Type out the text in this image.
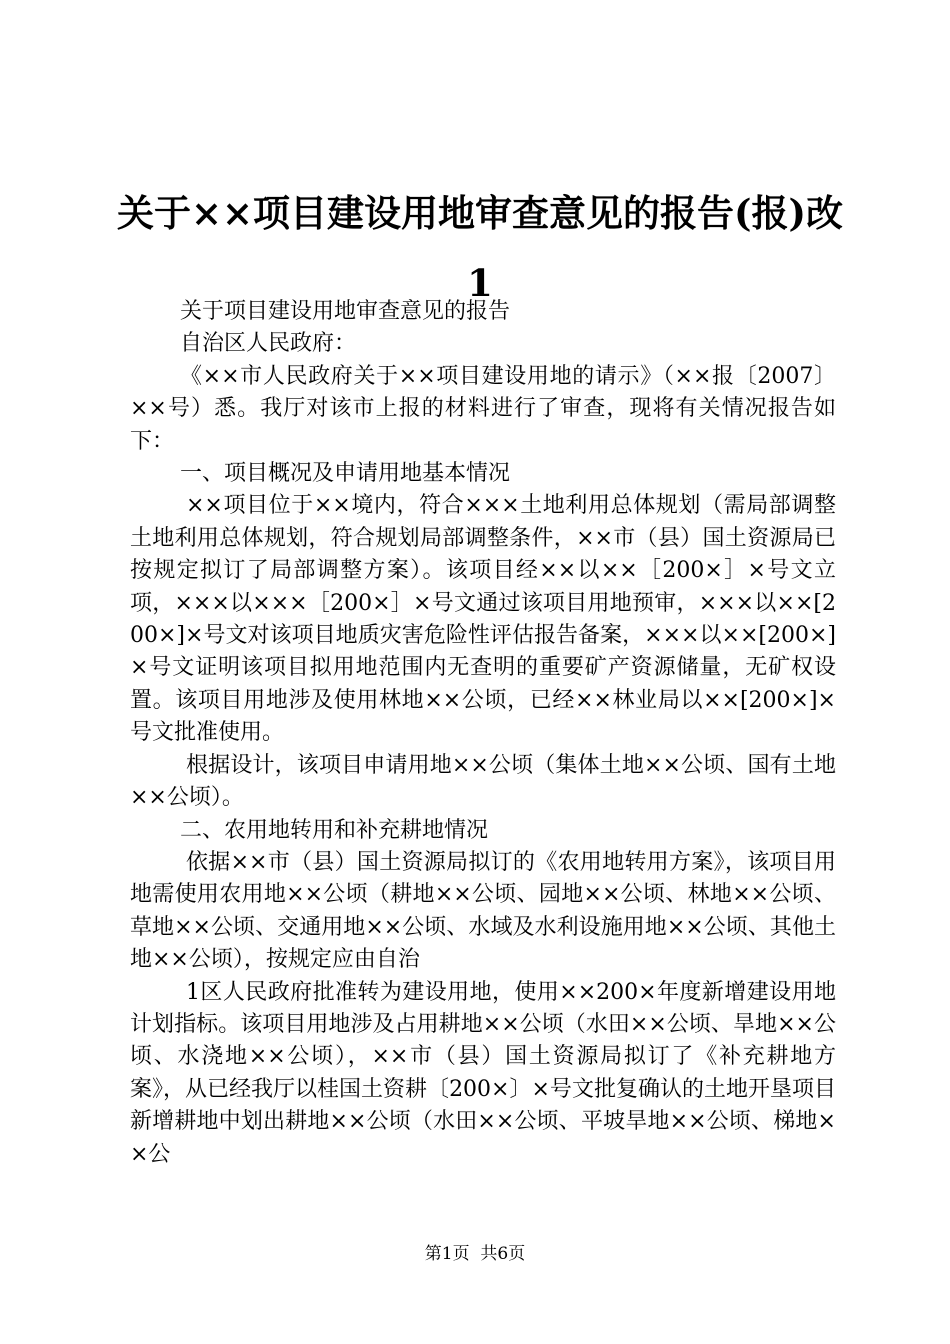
关于××项目建设用地审查意见的报告(报)改
1

关于项目建设用地审查意见的报告

自治区人民政府：

《××市人民政府关于××项目建设用地的请示》（××报〔2007〕××号）悉。我厅对该市上报的材料进行了审查，现将有关情况报告如下：

一、项目概况及申请用地基本情况

××项目位于××境内，符合×××土地利用总体规划（需局部调整土地利用总体规划，符合规划局部调整条件，××市（县）国土资源局已按规定拟订了局部调整方案）。该项目经××以××［200×］×号文立项，×××以×××［200×］×号文通过该项目用地预审，×××以××[200×]×号文对该项目地质灾害危险性评估报告备案，×××以××[200×]×号文证明该项目拟用地范围内无查明的重要矿产资源储量，无矿权设置。该项目用地涉及使用林地××公顷，已经××林业局以××[200×]×号文批准使用。

根据设计，该项目申请用地××公顷（集体土地××公顷、国有土地××公顷）。

二、农用地转用和补充耕地情况

依据××市（县）国土资源局拟订的《农用地转用方案》，该项目用地需使用农用地××公顷（耕地××公顷、园地××公顷、林地××公顷、草地××公顷、交通用地××公顷、水域及水利设施用地××公顷、其他土地××公顷），按规定应由自治

1区人民政府批准转为建设用地，使用××200×年度新增建设用地计划指标。该项目用地涉及占用耕地××公顷（水田××公顷、旱地××公顷、水浇地××公顷），××市（县）国土资源局拟订了《补充耕地方案》，从已经我厅以桂国土资耕〔200×〕×号文批复确认的土地开垦项目新增耕地中划出耕地××公顷（水田××公顷、平坡旱地××公顷、梯地××公

第1页  共6页
